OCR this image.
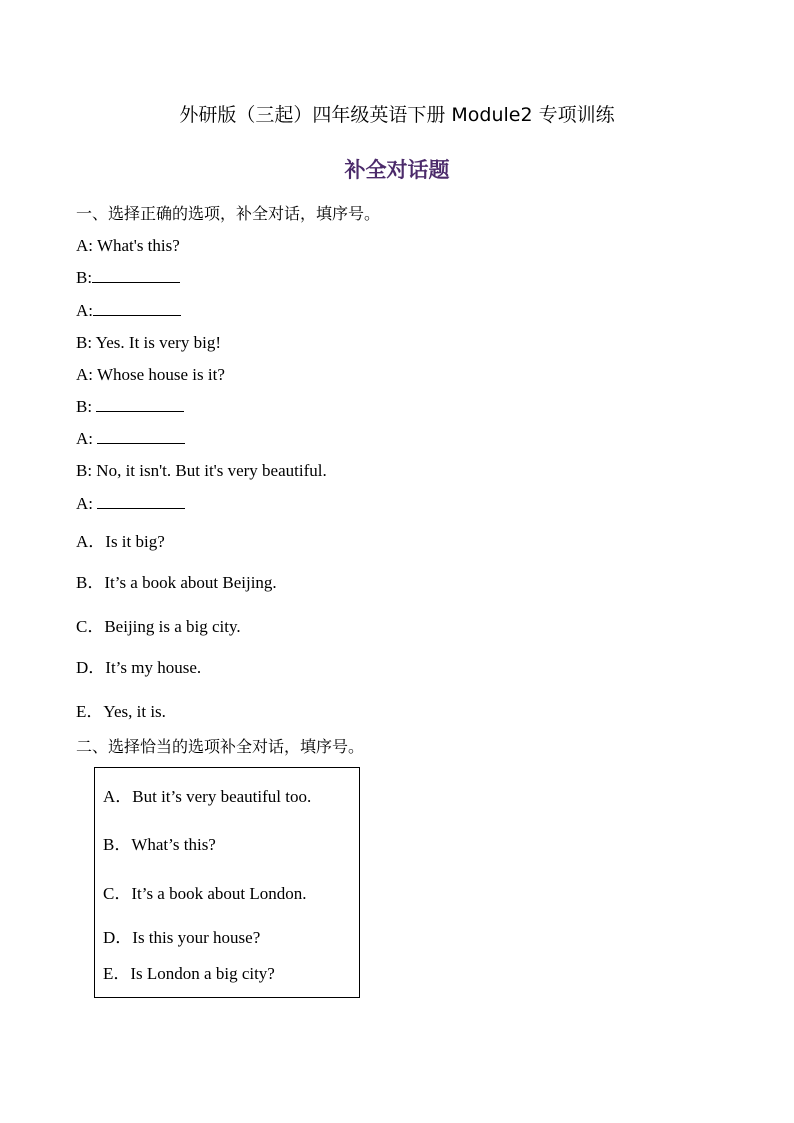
外研版（三起）四年级英语下册 Module2 专项训练
补全对话题
一、选择正确的选项，补全对话，填序号。
A: What's this?
B:
A:
B: Yes. It is very big!
A: Whose house is it?
B:
A:
B: No, it isn't. But it's very beautiful.
A:
A．Is it big?
B．It’s a book about Beijing.
C．Beijing is a big city.
D．It’s my house.
E．Yes, it is.
二、选择恰当的选项补全对话，填序号。
A．But it’s very beautiful too.
B．What’s this?
C．It’s a book about London.
D．Is this your house?
E．Is London a big city?
